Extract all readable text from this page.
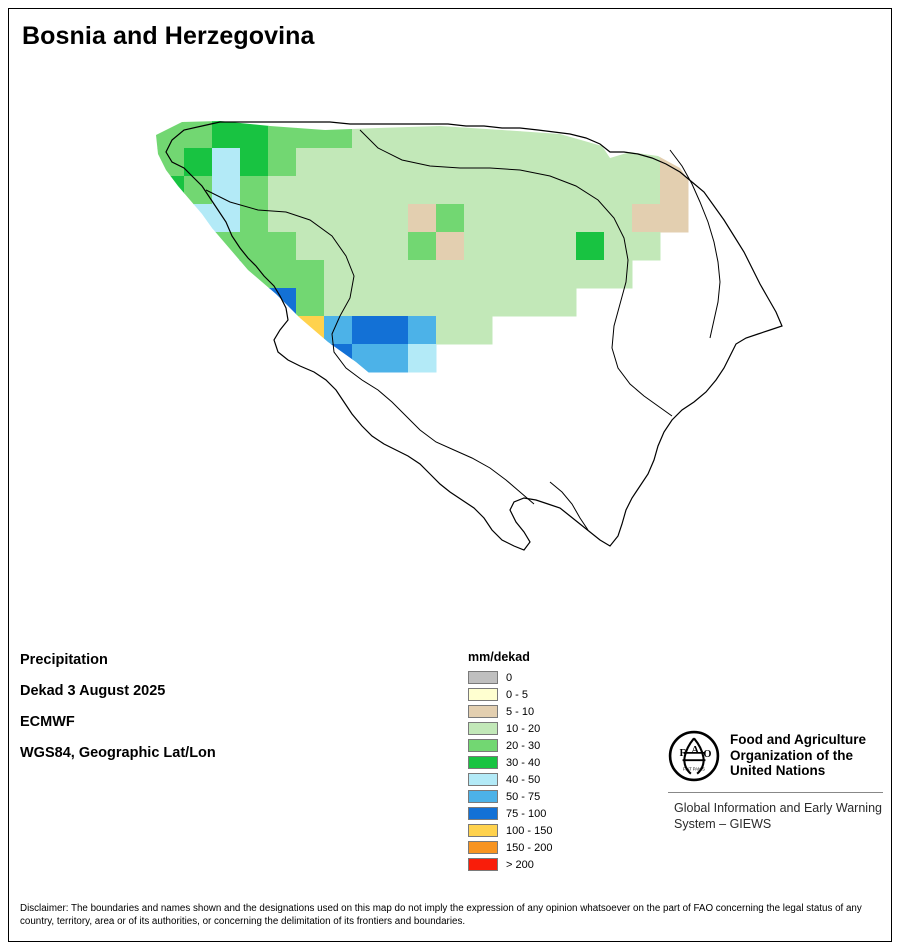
Bosnia and Herzegovina
Precipitation
Dekad 3 August 2025
ECMWF
WGS84, Geographic Lat/Lon
mm/dekad
0
0 - 5
5 - 10
10 - 20
20 - 30
30 - 40
40 - 50
50 - 75
75 - 100
100 - 150
150 - 200
> 200
F A O
FIAT PANIS
Food and Agriculture Organization of the United Nations
Global Information and Early Warning System – GIEWS
Disclaimer: The boundaries and names shown and the designations used on this map do not imply the expression of any opinion whatsoever on the part of FAO concerning the legal status of any country, territory, area or of its authorities, or concerning the delimitation of its frontiers and boundaries.
